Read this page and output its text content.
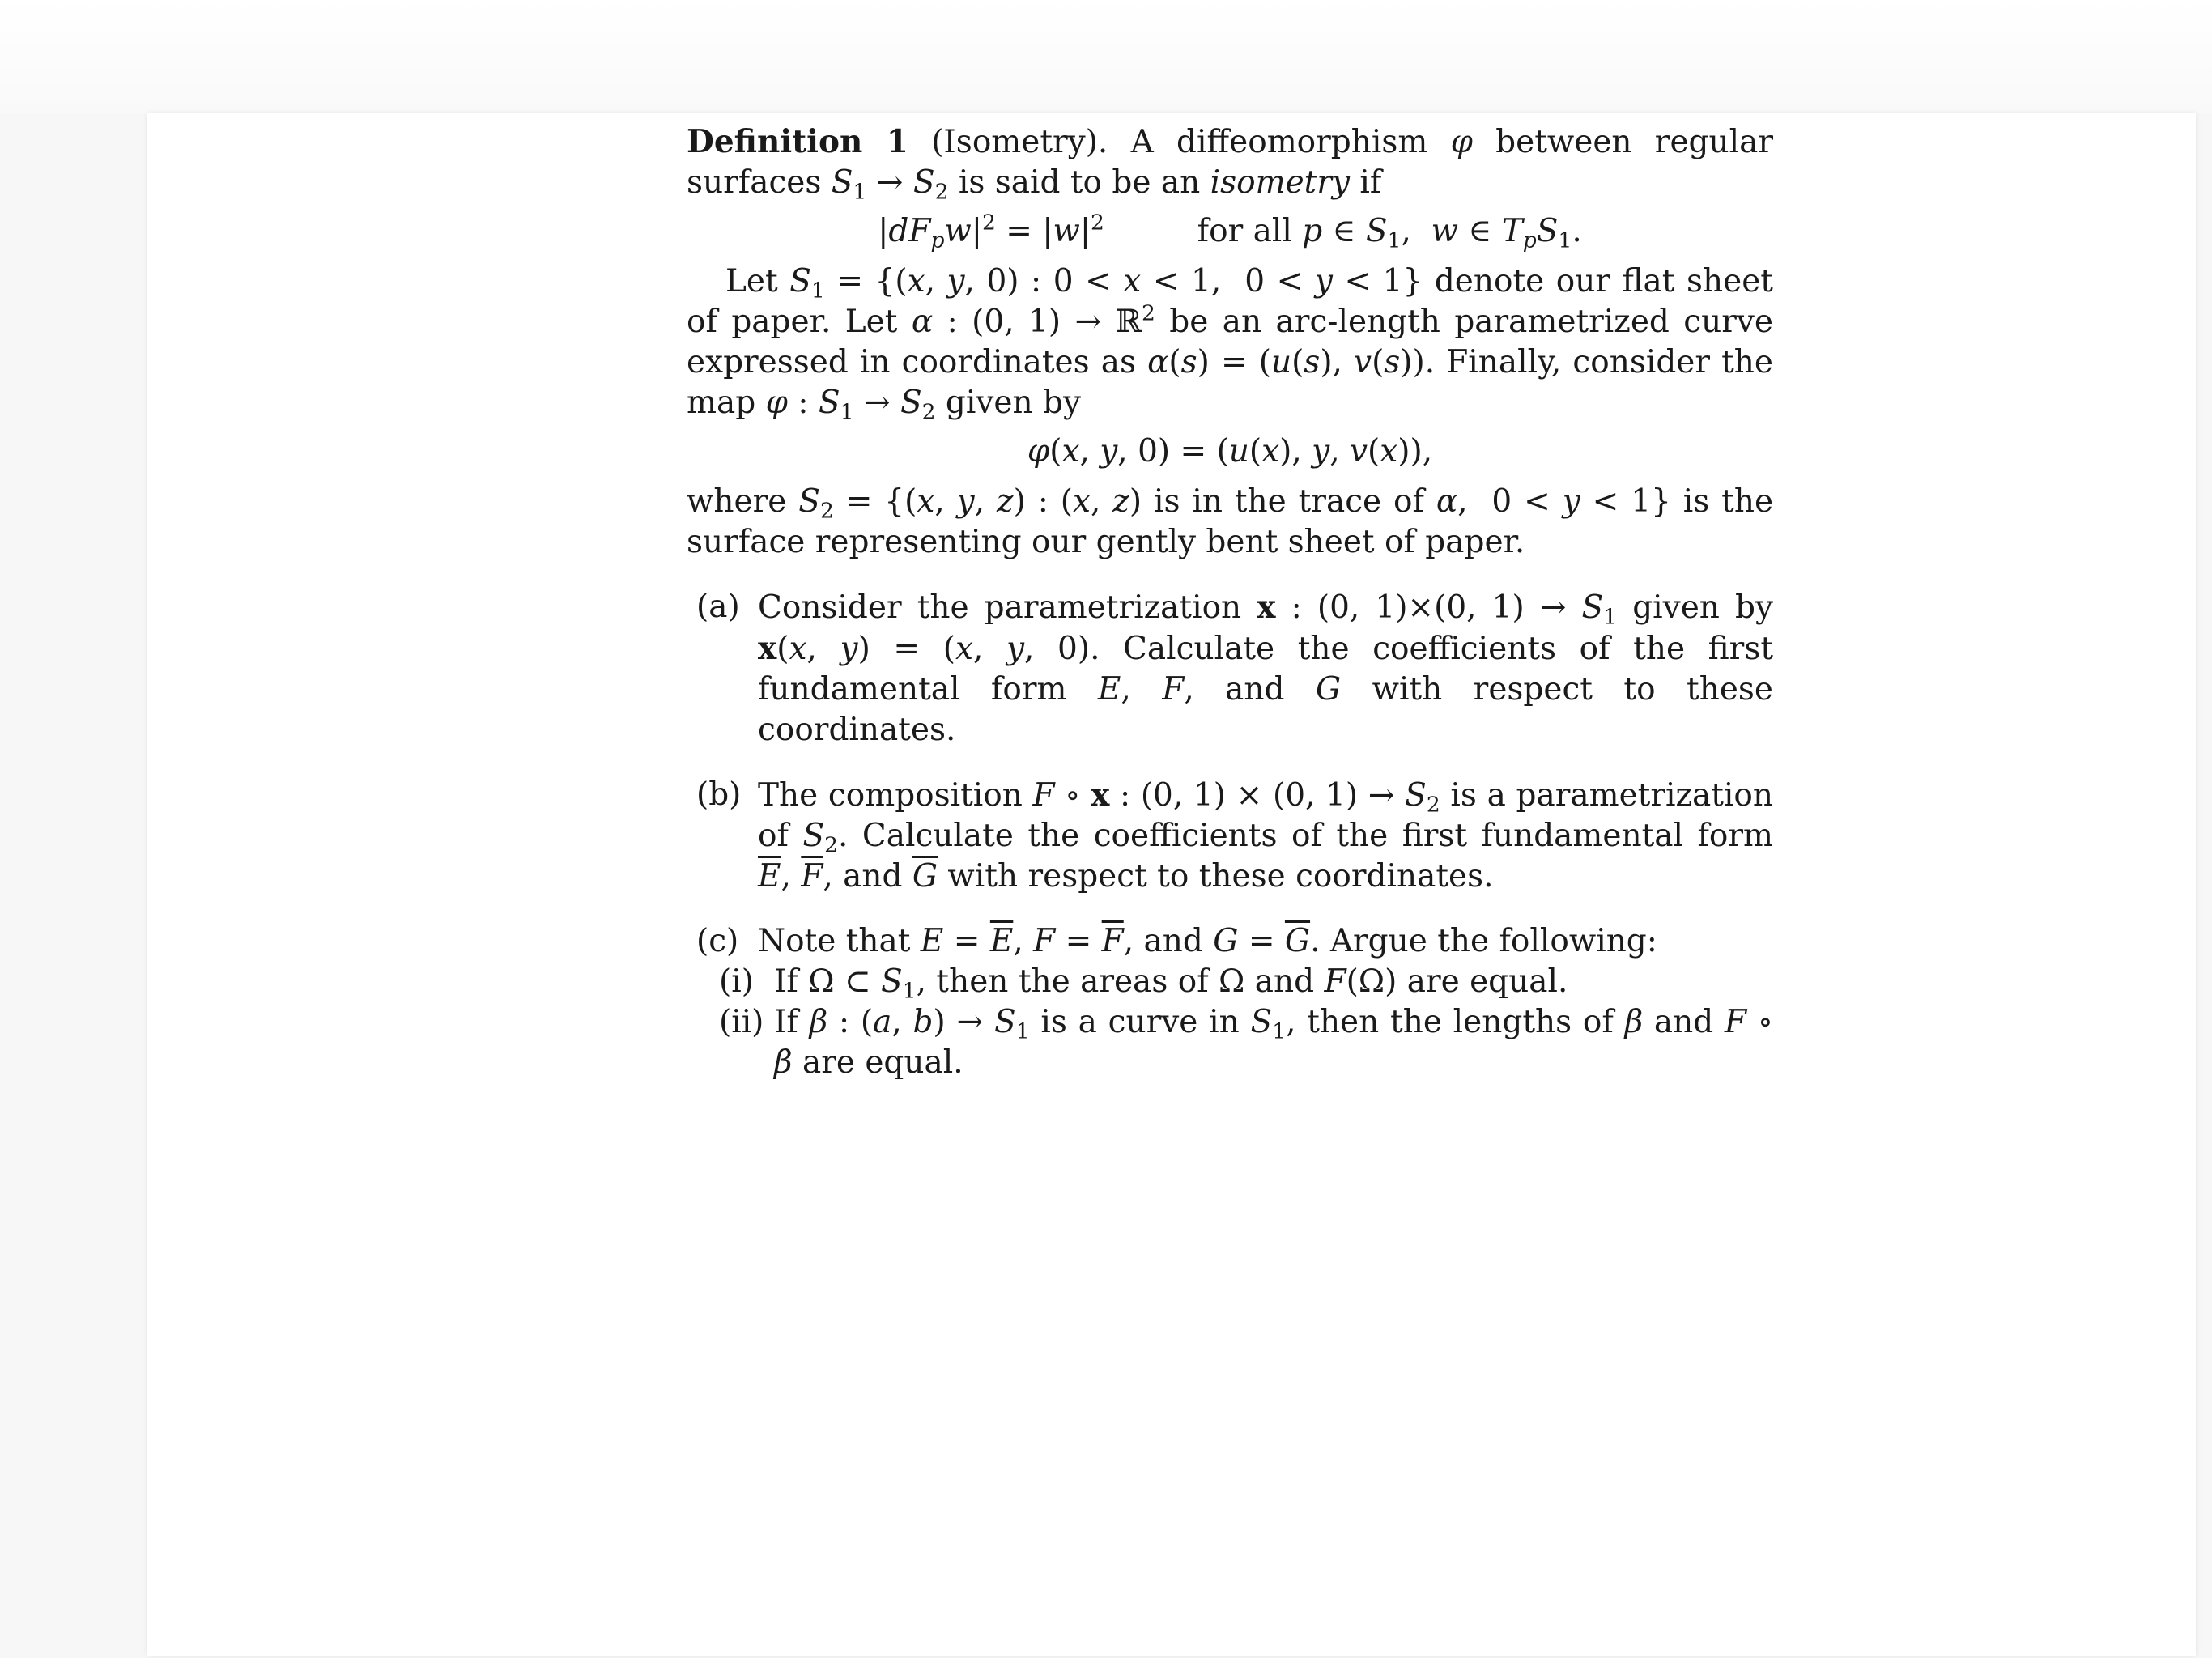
Definition 1 (Isometry). A diffeomorphism φ between regular surfaces $S_1 \to S_2$ is said to be an isometry if

$|dF_pw|^2 = |w|^2$	for all p ∈ $S_1$,  w ∈ $T_pS_1$.

Let $S_1 = \{(x$, y, 0) : 0 < x < 1,  0 < y < 1} denote our flat sheet of paper. Let α : (0, 1) → ℝ$^2$ be an arc-length parametrized curve expressed in coordinates as α(s) = (u(s), v(s)). Finally, consider the map φ : $S_1 \to S_2$ given by

φ(x, y, 0) = (u(x), y, v(x)),

where $S_2 = \{(x$, y, z) : (x, z) is in the trace of α,  0 < y < 1} is the surface representing our gently bent sheet of paper.

(a) Consider the parametrization x : (0, 1)×(0, $1) \to S_1$ given by x(x, y) = (x, y, 0). Calculate the coefficients of the first fundamental form E, F, and G with respect to these coordinates.
(b) The composition F ∘ x : (0, 1) × (0, $1) \to S_2$ is a parametrization of $S_2$. Calculate the coefficients of the first fundamental form $\overline{E}$, $\overline{F}$, and $\overline{G}$ with respect to these coordinates.
(c) Note that $E = \overline{E}$, $F = \overline{F}$, and $G = \overline{G}$. Argue the following:
(i) If Ω ⊂ $S_1$, then the areas of Ω and F(Ω) are equal.
(ii) If β : (a, $b) \to S_1$ is a curve in $S_1$, then the lengths of β and F ∘ β are equal.
